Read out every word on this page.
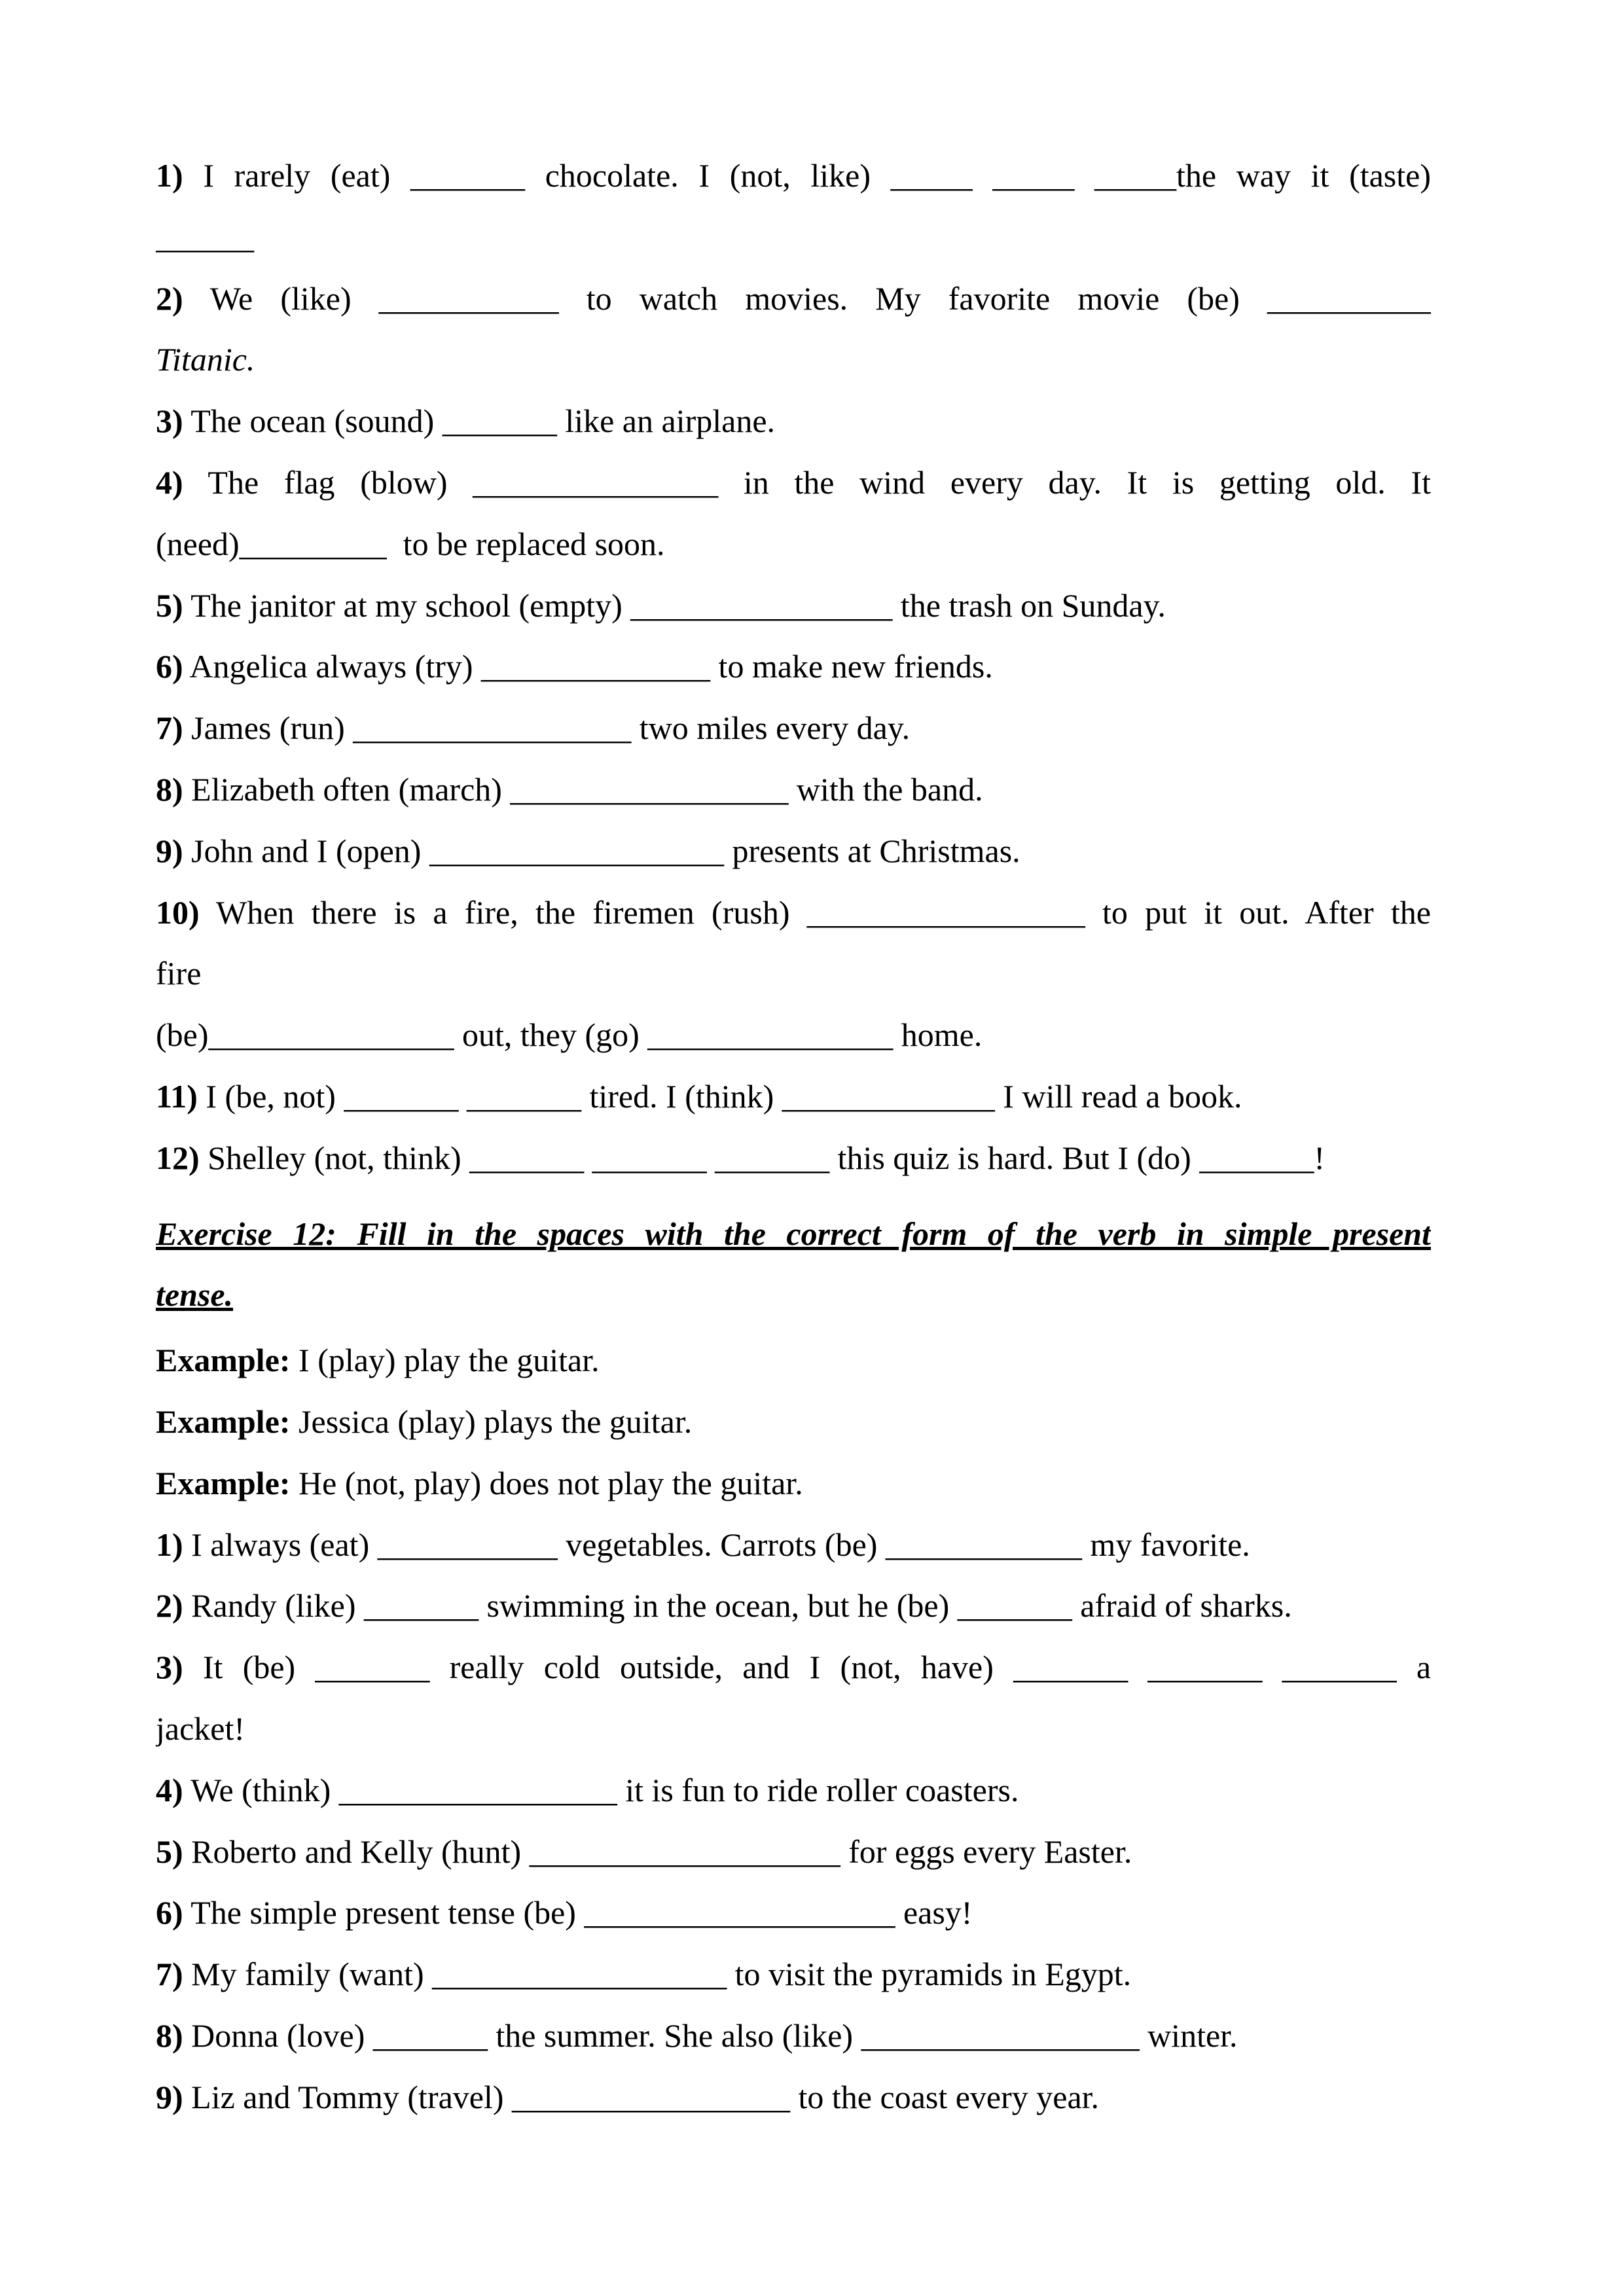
1) I rarely (eat) _______ chocolate. I (not, like) _____ _____ _____the way it (taste)
______
2) We (like) ___________ to watch movies. My favorite movie (be) __________
Titanic.
3) The ocean (sound) _______ like an airplane.
4) The flag (blow) _______________ in the wind every day. It is getting old. It
(need)_________  to be replaced soon.
5) The janitor at my school (empty) ________________ the trash on Sunday.
6) Angelica always (try) ______________ to make new friends.
7) James (run) _________________ two miles every day.
8) Elizabeth often (march) _________________ with the band.
9) John and I (open) __________________ presents at Christmas.
10) When there is a fire, the firemen (rush) _________________ to put it out. After the
fire
(be)_______________ out, they (go) _______________ home.
11) I (be, not) _______ _______ tired. I (think) _____________ I will read a book.
12) Shelley (not, think) _______ _______ _______ this quiz is hard. But I (do) _______!
Exercise 12: Fill in the spaces with the correct form of the verb in simple present
tense.
Example: I (play) play the guitar.
Example: Jessica (play) plays the guitar.
Example: He (not, play) does not play the guitar.
1) I always (eat) ___________ vegetables. Carrots (be) ____________ my favorite.
2) Randy (like) _______ swimming in the ocean, but he (be) _______ afraid of sharks.
3) It (be) _______ really cold outside, and I (not, have) _______ _______ _______ a
jacket!
4) We (think) _________________ it is fun to ride roller coasters.
5) Roberto and Kelly (hunt) ___________________ for eggs every Easter.
6) The simple present tense (be) ___________________ easy!
7) My family (want) __________________ to visit the pyramids in Egypt.
8) Donna (love) _______ the summer. She also (like) _________________ winter.
9) Liz and Tommy (travel) _________________ to the coast every year.
